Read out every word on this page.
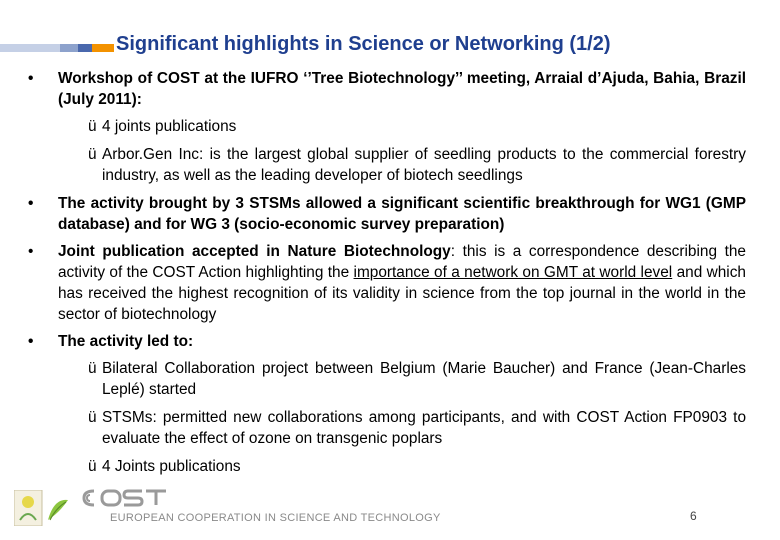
Significant highlights in Science or Networking (1/2)
• Workshop of COST at the IUFRO ‘’Tree Biotechnology’’ meeting, Arraial d’Ajuda, Bahia, Brazil (July 2011):
ü 4 joints publications
ü Arbor.Gen Inc: is the largest global supplier of seedling products to the commercial forestry industry, as well as the leading developer of biotech seedlings
• The activity brought by 3 STSMs allowed a significant scientific breakthrough for WG1 (GMP database) and for WG 3 (socio-economic survey preparation)
• Joint publication accepted in Nature Biotechnology: this is a correspondence describing the activity of the COST Action highlighting the importance of a network on GMT at world level and which has received the highest recognition of its validity in science from the top journal in the world in the sector of biotechnology
• The activity led to:
ü Bilateral Collaboration project between Belgium (Marie Baucher) and France (Jean-Charles Leplé) started
ü STSMs: permitted new collaborations among participants, and with COST Action FP0903 to evaluate the effect of ozone on transgenic poplars
ü 4 Joints publications
EUROPEAN COOPERATION IN SCIENCE AND TECHNOLOGY	6
